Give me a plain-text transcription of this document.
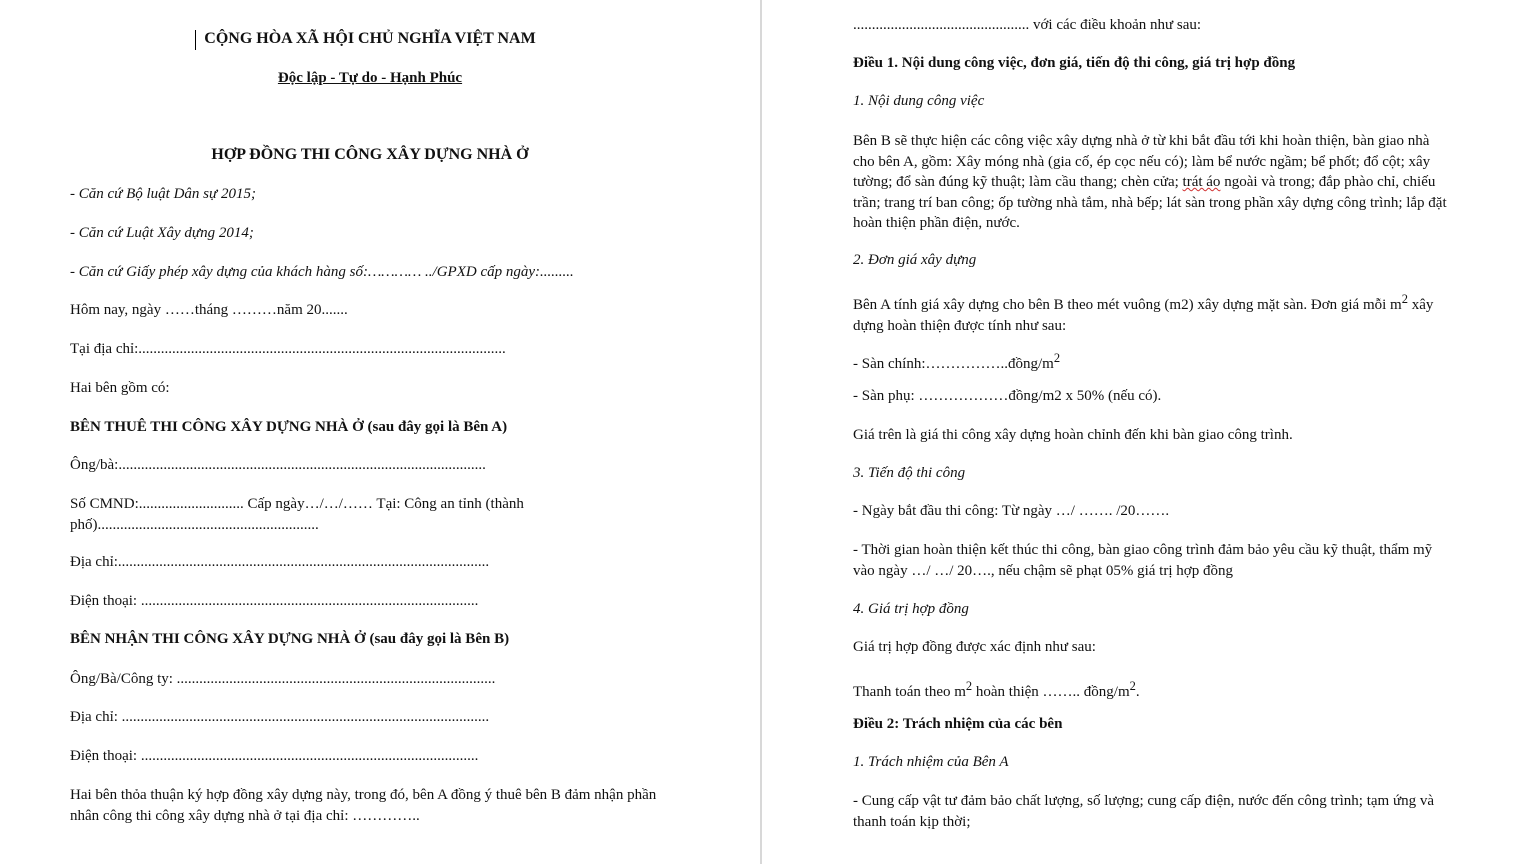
CỘNG HÒA XÃ HỘI CHỦ NGHĨA VIỆT NAM

Độc lập - Tự do - Hạnh Phúc

HỢP ĐỒNG THI CÔNG XÂY DỰNG NHÀ Ở

- Căn cứ Bộ luật Dân sự 2015;

- Căn cứ Luật Xây dựng 2014;

- Căn cứ Giấy phép xây dựng của khách hàng số:………… ../GPXD cấp ngày:.........

Hôm nay, ngày ……tháng ………năm 20.......

Tại địa chỉ:..................................................................................................

Hai bên gồm có:

BÊN THUÊ THI CÔNG XÂY DỰNG NHÀ Ở (sau đây gọi là Bên A)

Ông/bà:..................................................................................................

Số CMND:............................ Cấp ngày…/…/…… Tại: Công an tỉnh (thành phố)...........................................................

Địa chỉ:...................................................................................................

Điện thoại: ..........................................................................................

BÊN NHẬN THI CÔNG XÂY DỰNG NHÀ Ở (sau đây gọi là Bên B)

Ông/Bà/Công ty: .....................................................................................

Địa chỉ: ..................................................................................................

Điện thoại: ..........................................................................................

Hai bên thỏa thuận ký hợp đồng xây dựng này, trong đó, bên A đồng ý thuê bên B đảm nhận phần nhân công thi công xây dựng nhà ở tại địa chỉ: …………..

............................................... với các điều khoản như sau:

Điều 1. Nội dung công việc, đơn giá, tiến độ thi công, giá trị hợp đồng

1. Nội dung công việc

Bên B sẽ thực hiện các công việc xây dựng nhà ở từ khi bắt đầu tới khi hoàn thiện, bàn giao nhà cho bên A, gồm: Xây móng nhà (gia cố, ép cọc nếu có); làm bể nước ngầm; bể phốt; đổ cột; xây tường; đổ sàn đúng kỹ thuật; làm cầu thang; chèn cửa; trát áo ngoài và trong; đắp phào chỉ, chiếu trần; trang trí ban công; ốp tường nhà tắm, nhà bếp; lát sàn trong phần xây dựng công trình; lắp đặt hoàn thiện phần điện, nước.

2. Đơn giá xây dựng

Bên A tính giá xây dựng cho bên B theo mét vuông (m2) xây dựng mặt sàn. Đơn giá mỗi $m^2$ xây dựng hoàn thiện được tính như sau:

- Sàn $chính:\dots\dots\dots\dots\dots..đồng/m^2$

- Sàn phụ: ………………đồng/m2 x 50% (nếu có).

Giá trên là giá thi công xây dựng hoàn chỉnh đến khi bàn giao công trình.

3. Tiến độ thi công

- Ngày bắt đầu thi công: Từ ngày …/ ……. /20…….

- Thời gian hoàn thiện kết thúc thi công, bàn giao công trình đảm bảo yêu cầu kỹ thuật, thẩm mỹ vào ngày …/ …/ 20…., nếu chậm sẽ phạt 05% giá trị hợp đồng

4. Giá trị hợp đồng

Giá trị hợp đồng được xác định như sau:

Thanh toán theo $m^2$ hoàn thiện …….. đồng/$m^2$.

Điều 2: Trách nhiệm của các bên

1. Trách nhiệm của Bên A

- Cung cấp vật tư đảm bảo chất lượng, số lượng; cung cấp điện, nước đến công trình; tạm ứng và thanh toán kịp thời;
